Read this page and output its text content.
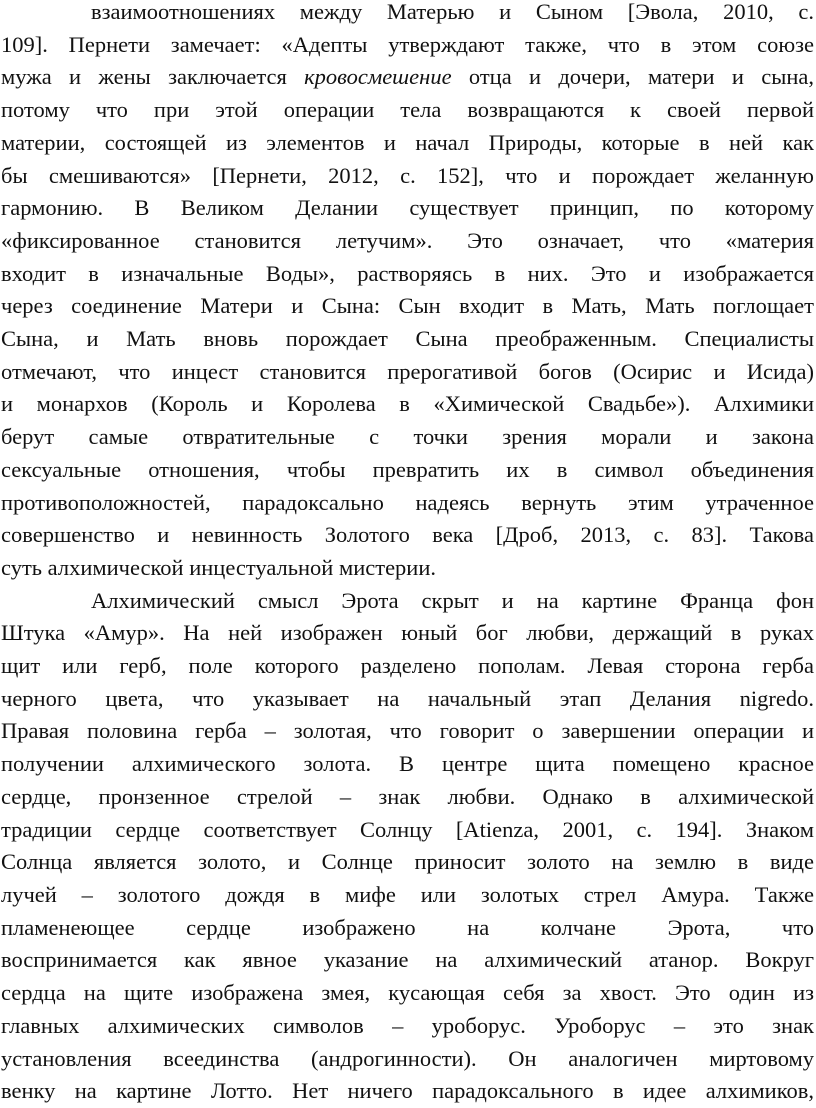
взаимоотношениях между Матерью и Сыном [Эвола, 2010, с.
109]. Пернети замечает: «Адепты утверждают также, что в этом союзе
мужа и жены заключается кровосмешение отца и дочери, матери и сына,
потому что при этой операции тела возвращаются к своей первой
материи, состоящей из элементов и начал Природы, которые в ней как
бы смешиваются» [Пернети, 2012, с. 152], что и порождает желанную
гармонию. В Великом Делании существует принцип, по которому
«фиксированное становится летучим». Это означает, что «материя
входит в изначальные Воды», растворяясь в них. Это и изображается
через соединение Матери и Сына: Сын входит в Мать, Мать поглощает
Сына, и Мать вновь порождает Сына преображенным. Специалисты
отмечают, что инцест становится прерогативой богов (Осирис и Исида)
и монархов (Король и Королева в «Химической Свадьбе»). Алхимики
берут самые отвратительные с точки зрения морали и закона
сексуальные отношения, чтобы превратить их в символ объединения
противоположностей, парадоксально надеясь вернуть этим утраченное
совершенство и невинность Золотого века [Дроб, 2013, с. 83]. Такова
суть алхимической инцестуальной мистерии.
Алхимический смысл Эрота скрыт и на картине Франца фон
Штука «Амур». На ней изображен юный бог любви, держащий в руках
щит или герб, поле которого разделено пополам. Левая сторона герба
черного цвета, что указывает на начальный этап Делания nigredo.
Правая половина герба – золотая, что говорит о завершении операции и
получении алхимического золота. В центре щита помещено красное
сердце, пронзенное стрелой – знак любви. Однако в алхимической
традиции сердце соответствует Солнцу [Atienza, 2001, с. 194]. Знаком
Солнца является золото, и Солнце приносит золото на землю в виде
лучей – золотого дождя в мифе или золотых стрел Амура. Также
пламенеющее сердце изображено на колчане Эрота, что
воспринимается как явное указание на алхимический атанор. Вокруг
сердца на щите изображена змея, кусающая себя за хвост. Это один из
главных алхимических символов – уроборус. Уроборус – это знак
установления всеединства (андрогинности). Он аналогичен миртовому
венку на картине Лотто. Нет ничего парадоксального в идее алхимиков,
